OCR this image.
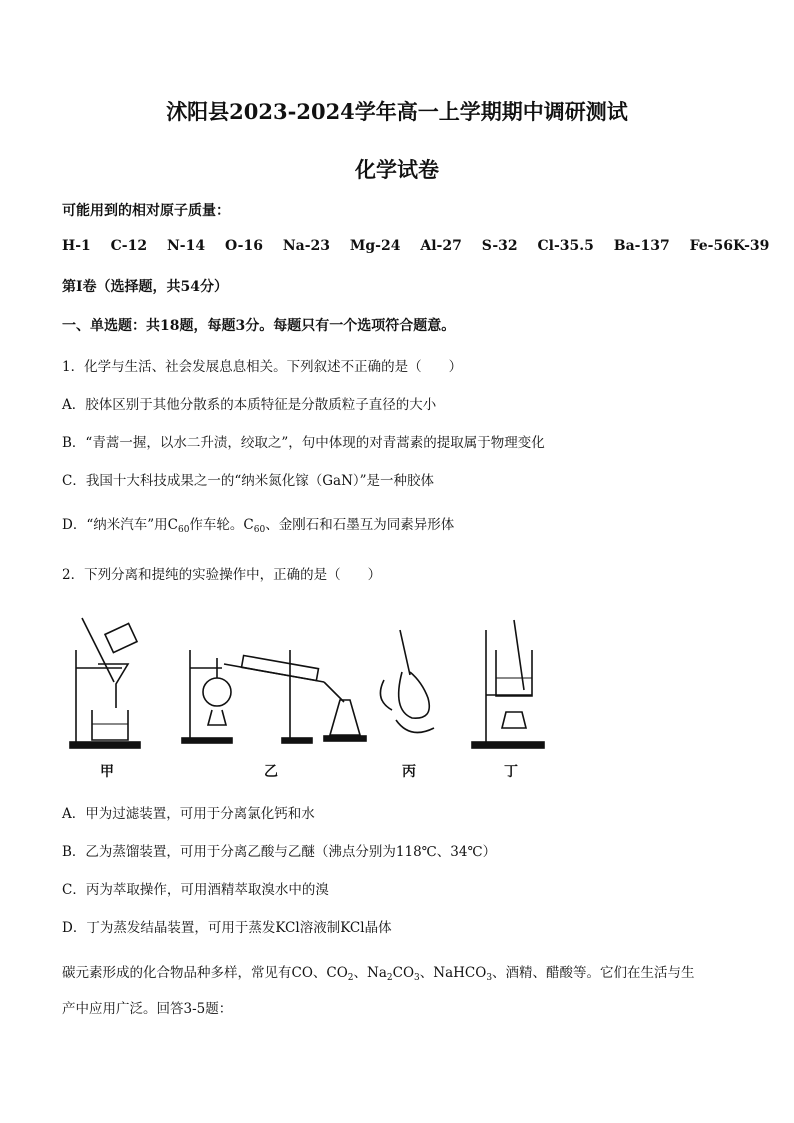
沭阳县2023-2024学年高一上学期期中调研测试
化学试卷
可能用到的相对原子质量：
H-1 C-12 N-14 O-16 Na-23 Mg-24 Al-27 S-32 Cl-35.5 Ba-137 Fe-56K-39
第Ⅰ卷（选择题，共54分）
一、单选题：共18题，每题3分。每题只有一个选项符合题意。
1．化学与生活、社会发展息息相关。下列叙述不正确的是（　　）
A．胶体区别于其他分散系的本质特征是分散质粒子直径的大小
B．“青蒿一握，以水二升渍，绞取之”，句中体现的对青蒿素的提取属于物理变化
C．我国十大科技成果之一的“纳米氮化镓（GaN）”是一种胶体
D．“纳米汽车”用$C_{60}$作车轮。$C_{60}$、金刚石和石墨互为同素异形体
2．下列分离和提纯的实验操作中，正确的是（　　）
甲	乙	丙	丁
A．甲为过滤装置，可用于分离氯化钙和水
B．乙为蒸馏装置，可用于分离乙酸与乙醚（沸点分别为118℃、34℃）
C．丙为萃取操作，可用酒精萃取溴水中的溴
D．丁为蒸发结晶装置，可用于蒸发KCl溶液制KCl晶体
碳元素形成的化合物品种多样，常见有CO、$CO_2$、$Na_2CO_3$、NaHCO$_3$、酒精、醋酸等。它们在生活与生
产中应用广泛。回答3-5题：
